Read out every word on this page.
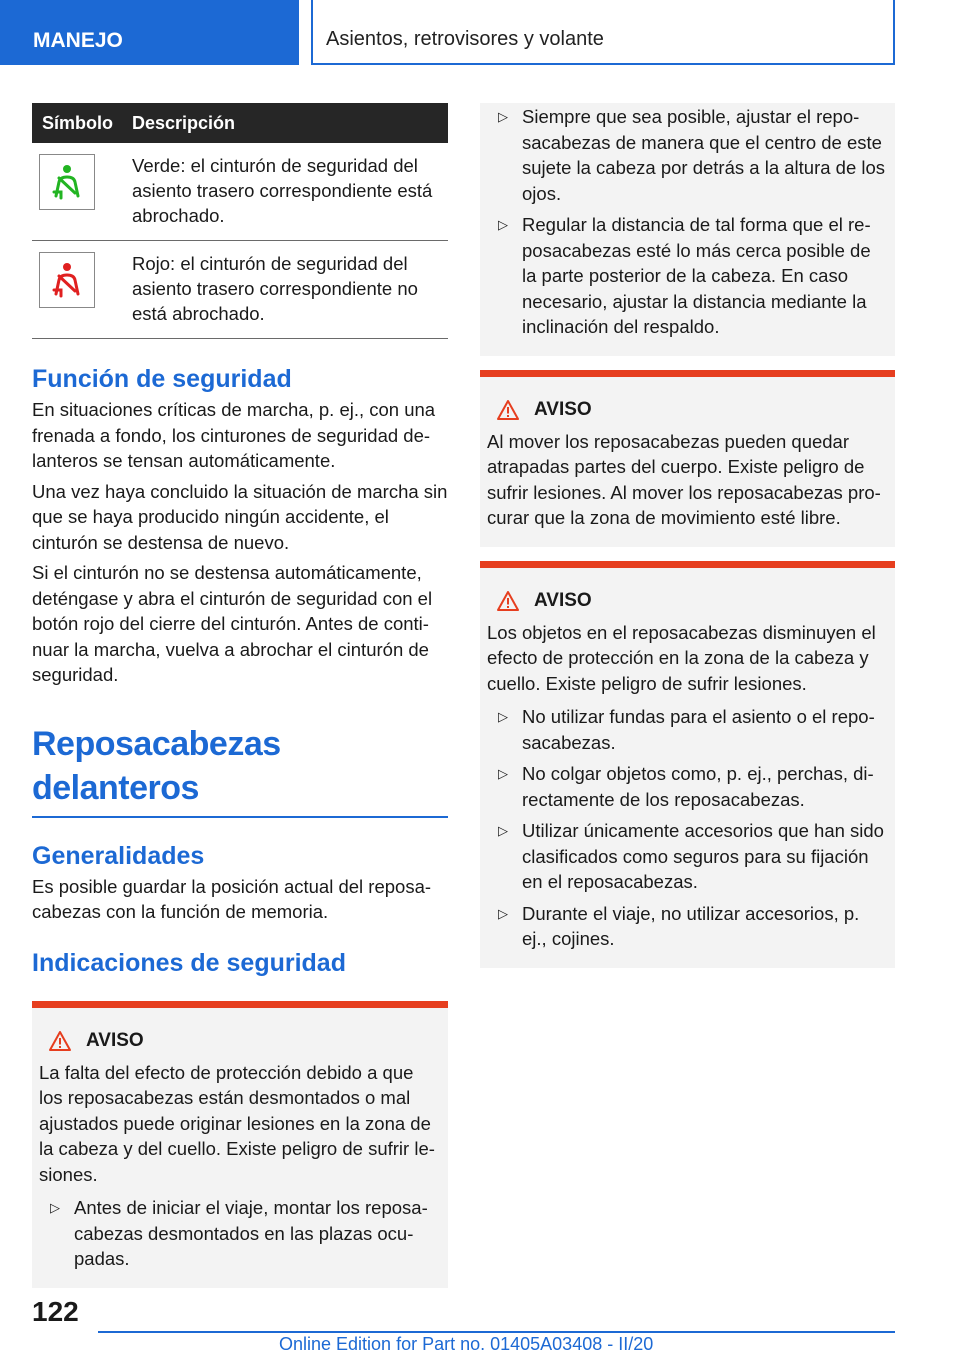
MANEJO	Asientos, retrovisores y volante
Símbolo	Descripción
Verde: el cinturón de seguridad del asiento trasero correspondiente está abrochado.
Rojo: el cinturón de seguridad del asiento trasero correspondiente no está abrochado.
Función de seguridad

En situaciones críticas de marcha, p. ej., con una frenada a fondo, los cinturones de seguridad delanteros se tensan automáticamente.

Una vez haya concluido la situación de marcha sin que se haya producido ningún accidente, el cinturón se destensa de nuevo.

Si el cinturón no se destensa automáticamente, deténgase y abra el cinturón de seguridad con el botón rojo del cierre del cinturón. Antes de continuar la marcha, vuelva a abrochar el cinturón de seguridad.

Reposacabezas delanteros
Generalidades

Es posible guardar la posición actual del reposacabezas con la función de memoria.

Indicaciones de seguridad
AVISO
La falta del efecto de protección debido a que los reposacabezas están desmontados o mal ajustados puede originar lesiones en la zona de la cabeza y del cuello. Existe peligro de sufrir lesiones.
▷ Antes de iniciar el viaje, montar los reposacabezas desmontados en las plazas ocupadas.
▷ Siempre que sea posible, ajustar el reposacabezas de manera que el centro de este sujete la cabeza por detrás a la altura de los ojos.
▷ Regular la distancia de tal forma que el reposacabezas esté lo más cerca posible de la parte posterior de la cabeza. En caso necesario, ajustar la distancia mediante la inclinación del respaldo.
AVISO
Al mover los reposacabezas pueden quedar atrapadas partes del cuerpo. Existe peligro de sufrir lesiones. Al mover los reposacabezas procurar que la zona de movimiento esté libre.
AVISO
Los objetos en el reposacabezas disminuyen el efecto de protección en la zona de la cabeza y cuello. Existe peligro de sufrir lesiones.
▷ No utilizar fundas para el asiento o el reposacabezas.
▷ No colgar objetos como, p. ej., perchas, directamente de los reposacabezas.
▷ Utilizar únicamente accesorios que han sido clasificados como seguros para su fijación en el reposacabezas.
▷ Durante el viaje, no utilizar accesorios, p. ej., cojines.
122
Online Edition for Part no. 01405A03408 - II/20
